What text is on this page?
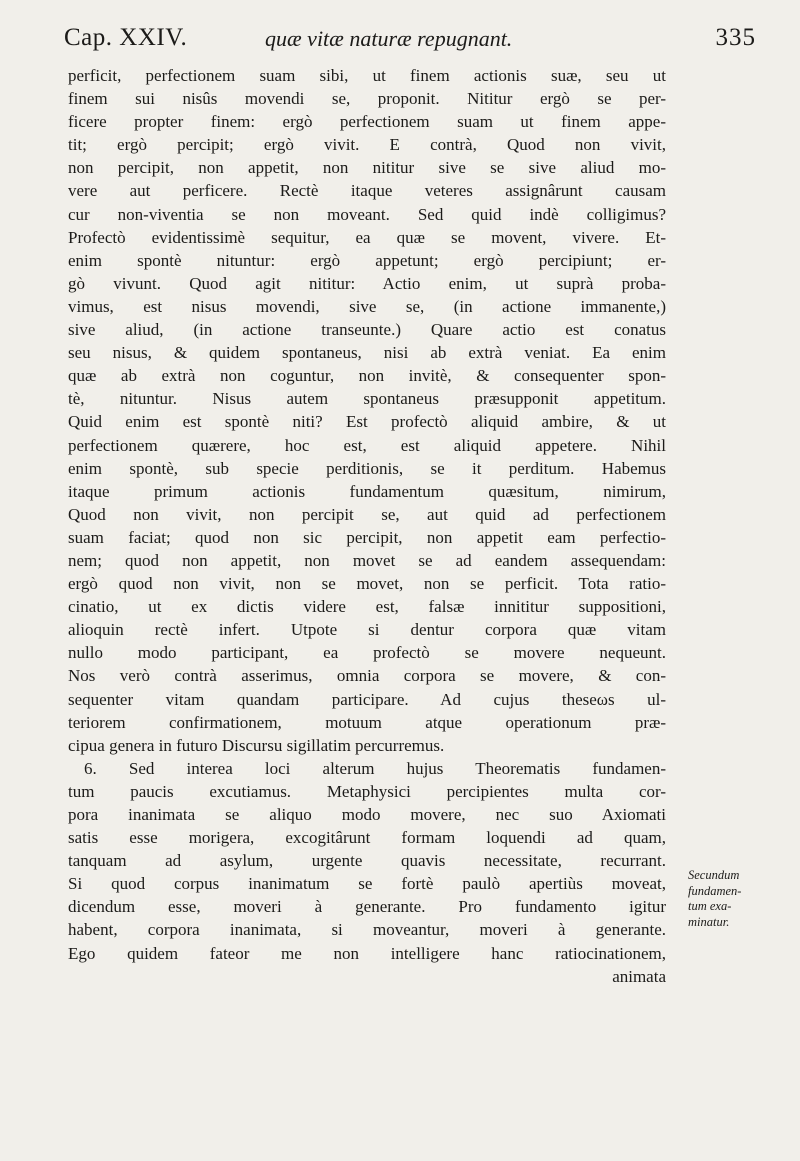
Cap. XXIV.	quæ vitæ naturæ repugnant.	335
perficit, perfectionem suam sibi, ut finem actionis suæ, seu ut
finem sui nisûs movendi se, proponit. Nititur ergò se per-
ficere propter finem: ergò perfectionem suam ut finem appe-
tit; ergò percipit; ergò vivit. E contrà, Quod non vivit,
non percipit, non appetit, non nititur sive se sive aliud mo-
vere aut perficere. Rectè itaque veteres assignârunt causam
cur non-viventia se non moveant. Sed quid indè colligimus?
Profectò evidentissimè sequitur, ea quæ se movent, vivere. Et-
enim spontè nituntur: ergò appetunt; ergò percipiunt; er-
gò vivunt. Quod agit nititur: Actio enim, ut suprà proba-
vimus, est nisus movendi, sive se, (in actione immanente,)
sive aliud, (in actione transeunte.) Quare actio est conatus
seu nisus, & quidem spontaneus, nisi ab extrà veniat. Ea enim
quæ ab extrà non coguntur, non invitè, & consequenter spon-
tè, nituntur. Nisus autem spontaneus præsupponit appetitum.
Quid enim est spontè niti? Est profectò aliquid ambire, & ut
perfectionem quærere, hoc est, est aliquid appetere. Nihil
enim spontè, sub specie perditionis, se it perditum. Habemus
itaque primum actionis fundamentum quæsitum, nimirum,
Quod non vivit, non percipit se, aut quid ad perfectionem
suam faciat; quod non sic percipit, non appetit eam perfectio-
nem; quod non appetit, non movet se ad eandem assequendam:
ergò quod non vivit, non se movet, non se perficit. Tota ratio-
cinatio, ut ex dictis videre est, falsæ innititur suppositioni,
alioquin rectè infert. Utpote si dentur corpora quæ vitam
nullo modo participant, ea profectò se movere nequeunt.
Nos verò contrà asserimus, omnia corpora se movere, & con-
sequenter vitam quandam participare. Ad cujus theseωs ul-
teriorem confirmationem, motuum atque operationum præ-
cipua genera in futuro Discursu sigillatim percurremus.
6. Sed interea loci alterum hujus Theorematis fundamen-
tum paucis excutiamus. Metaphysici percipientes multa cor-
pora inanimata se aliquo modo movere, nec suo Axiomati
satis esse morigera, excogitârunt formam loquendi ad quam,
tanquam ad asylum, urgente quavis necessitate, recurrant.
Si quod corpus inanimatum se fortè paulò apertiùs moveat,
dicendum esse, moveri à generante. Pro fundamento igitur
habent, corpora inanimata, si moveantur, moveri à generante.
Ego quidem fateor me non intelligere hanc ratiocinationem,
animata
Secundum
fundamen-
tum exa-
minatur.
